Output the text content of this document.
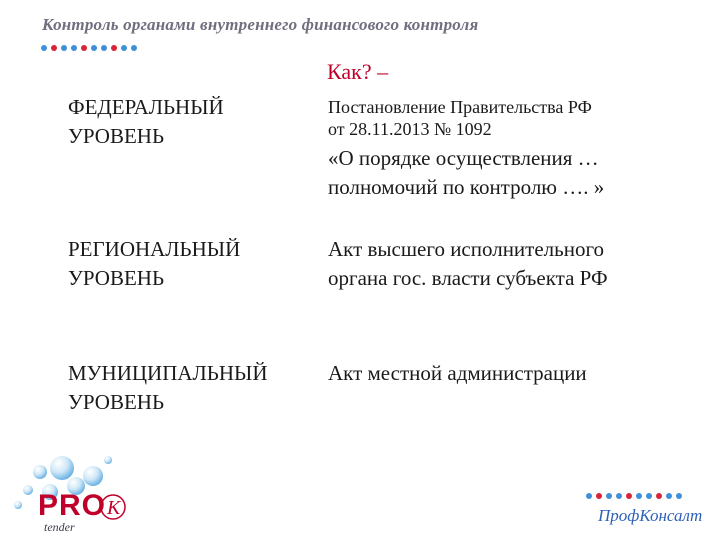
Контроль органами внутреннего финансового контроля
Как? –
ФЕДЕРАЛЬНЫЙ
УРОВЕНЬ
Постановление Правительства РФ
от 28.11.2013 № 1092
«О порядке осуществления …
полномочий по контролю …. »
РЕГИОНАЛЬНЫЙ
УРОВЕНЬ
Акт высшего исполнительного
органа гос. власти субъекта РФ
МУНИЦИПАЛЬНЫЙ
УРОВЕНЬ
Акт местной администрации
PRO K
tender
ПрофКонсалт
